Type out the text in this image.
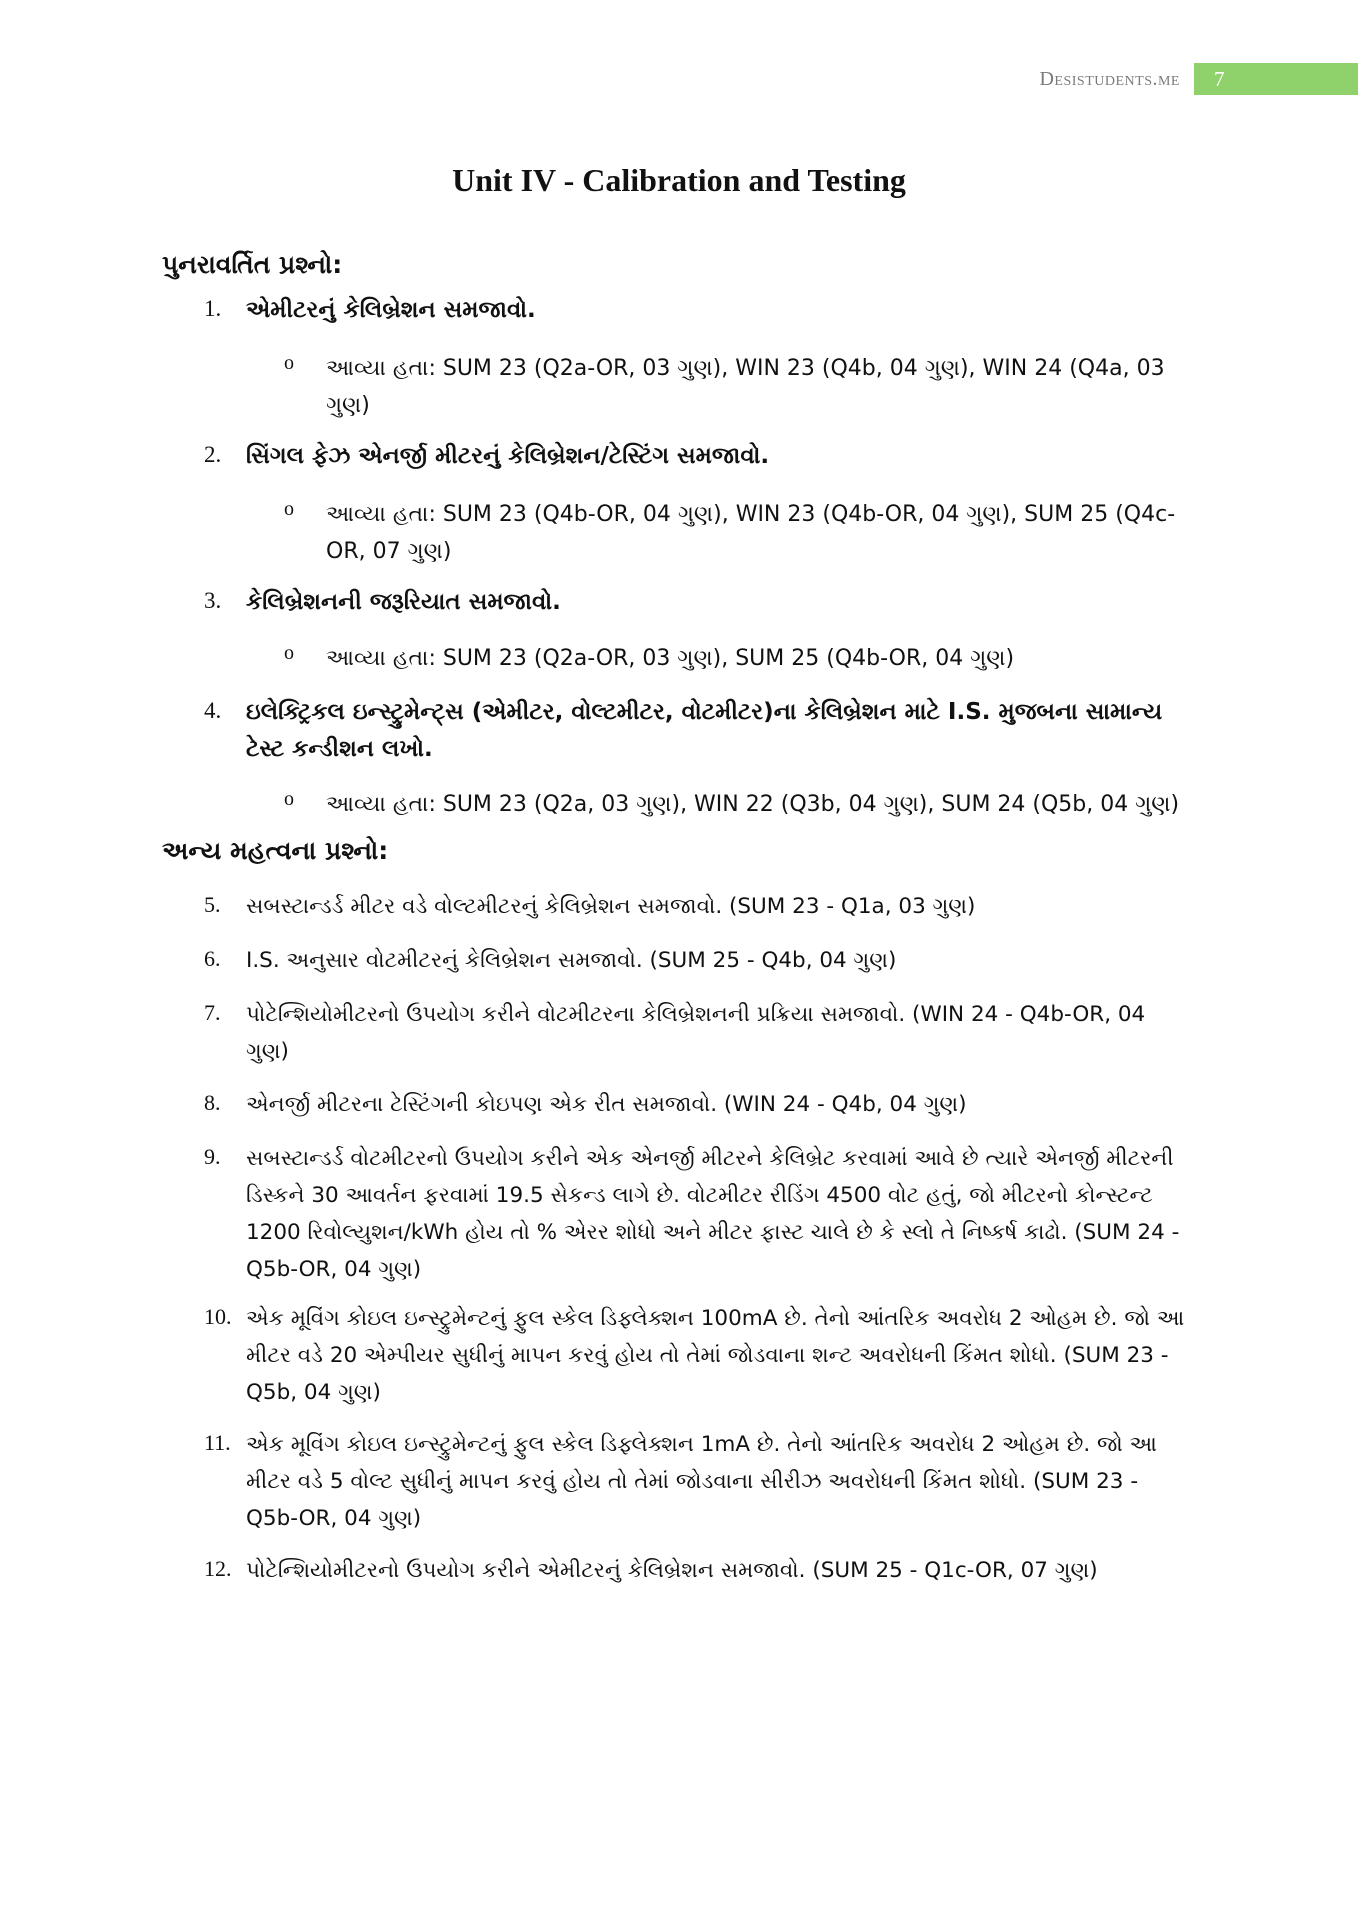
Desistudents.me	7
Unit IV - Calibration and Testing
પુનરાવર્તિત પ્રશ્નો:
1.	એમીટરનું કેલિબ્રેશન સમજાવો.
o આવ્યા હતા: SUM 23 (Q2a-OR, 03 ગુણ), WIN 23 (Q4b, 04 ગુણ), WIN 24 (Q4a, 03 ગુણ)
2.	સિંગલ ફેઝ એનર્જી મીટરનું કેલિબ્રેશન/ટેસ્ટિંગ સમજાવો.
o આવ્યા હતા: SUM 23 (Q4b-OR, 04 ગુણ), WIN 23 (Q4b-OR, 04 ગુણ), SUM 25 (Q4c-OR, 07 ગુણ)
3.	કેલિબ્રેશનની જરૂરિયાત સમજાવો.
o આવ્યા હતા: SUM 23 (Q2a-OR, 03 ગુણ), SUM 25 (Q4b-OR, 04 ગુણ)
4.	ઇલેક્ટ્રિકલ ઇન્સ્ટ્રુમેન્ટ્સ (એમીટર, વોલ્ટમીટર, વોટમીટર)ના કેલિબ્રેશન માટે I.S. મુજબના સામાન્ય ટેસ્ટ કન્ડીશન લખો.
o આવ્યા હતા: SUM 23 (Q2a, 03 ગુણ), WIN 22 (Q3b, 04 ગુણ), SUM 24 (Q5b, 04 ગુણ)
અન્ય મહત્વના પ્રશ્નો:
5.	સબસ્ટાન્ડર્ડ મીટર વડે વોલ્ટમીટરનું કેલિબ્રેશન સમજાવો. (SUM 23 - Q1a, 03 ગુણ)
6.	I.S. અનુસાર વોટમીટરનું કેલિબ્રેશન સમજાવો. (SUM 25 - Q4b, 04 ગુણ)
7.	પોટેન્શિયોમીટરનો ઉપયોગ કરીને વોટમીટરના કેલિબ્રેશનની પ્રક્રિયા સમજાવો. (WIN 24 - Q4b-OR, 04 ગુણ)
8.	એનર્જી મીટરના ટેસ્ટિંગની કોઇપણ એક રીત સમજાવો. (WIN 24 - Q4b, 04 ગુણ)
9.	સબસ્ટાન્ડર્ડ વોટમીટરનો ઉપયોગ કરીને એક એનર્જી મીટરને કેલિબ્રેટ કરવામાં આવે છે ત્યારે એનર્જી મીટરની ડિસ્કને 30 આવર્તન ફરવામાં 19.5 સેકન્ડ લાગે છે. વોટમીટર રીડિંગ 4500 વોટ હતું, જો મીટરનો કોન્સ્ટન્ટ 1200 રિવોલ્યુશન/kWh હોય તો % એરર શોધો અને મીટર ફાસ્ટ ચાલે છે કે સ્લો તે નિષ્કર્ષ કાઢો. (SUM 24 - Q5b-OR, 04 ગુણ)
10. એક મૂવિંગ કોઇલ ઇન્સ્ટ્રુમેન્ટનું ફુલ સ્કેલ ડિફ્લેક્શન 100mA છે. તેનો આંતરિક અવરોધ 2 ઓહમ છે. જો આ મીટર વડે 20 એમ્પીયર સુધીનું માપન કરવું હોય તો તેમાં જોડવાના શન્ટ અવરોધની કિંમત શોધો. (SUM 23 - Q5b, 04 ગુણ)
11. એક મૂવિંગ કોઇલ ઇન્સ્ટ્રુમેન્ટનું ફુલ સ્કેલ ડિફ્લેક્શન 1mA છે. તેનો આંતરિક અવરોધ 2 ઓહમ છે. જો આ મીટર વડે 5 વોલ્ટ સુધીનું માપન કરવું હોય તો તેમાં જોડવાના સીરીઝ અવરોધની કિંમત શોધો. (SUM 23 - Q5b-OR, 04 ગુણ)
12. પોટેન્શિયોમીટરનો ઉપયોગ કરીને એમીટરનું કેલિબ્રેશન સમજાવો. (SUM 25 - Q1c-OR, 07 ગુણ)
